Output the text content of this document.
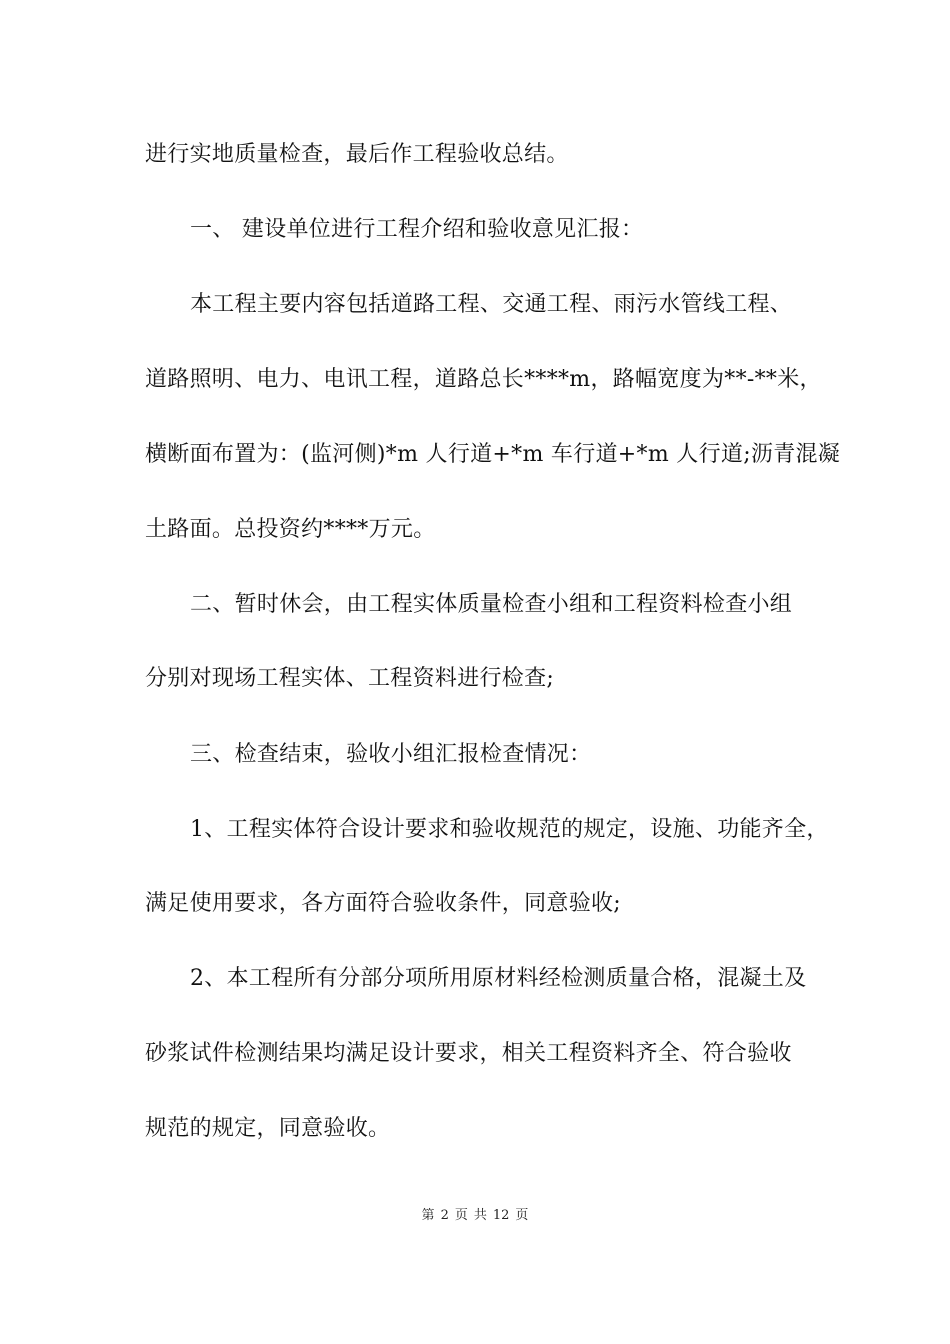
进行实地质量检查，最后作工程验收总结。
一、 建设单位进行工程介绍和验收意见汇报：
本工程主要内容包括道路工程、交通工程、雨污水管线工程、
道路照明、电力、电讯工程，道路总长****m，路幅宽度为**-**米，
横断面布置为：(监河侧)*m 人行道+*m 车行道+*m 人行道;沥青混凝
土路面。总投资约****万元。
二、暂时休会，由工程实体质量检查小组和工程资料检查小组
分别对现场工程实体、工程资料进行检查;
三、检查结束，验收小组汇报检查情况：
1、工程实体符合设计要求和验收规范的规定，设施、功能齐全，
满足使用要求，各方面符合验收条件，同意验收;
2、本工程所有分部分项所用原材料经检测质量合格，混凝土及
砂浆试件检测结果均满足设计要求，相关工程资料齐全、符合验收
规范的规定，同意验收。
第 2 页 共 12 页
